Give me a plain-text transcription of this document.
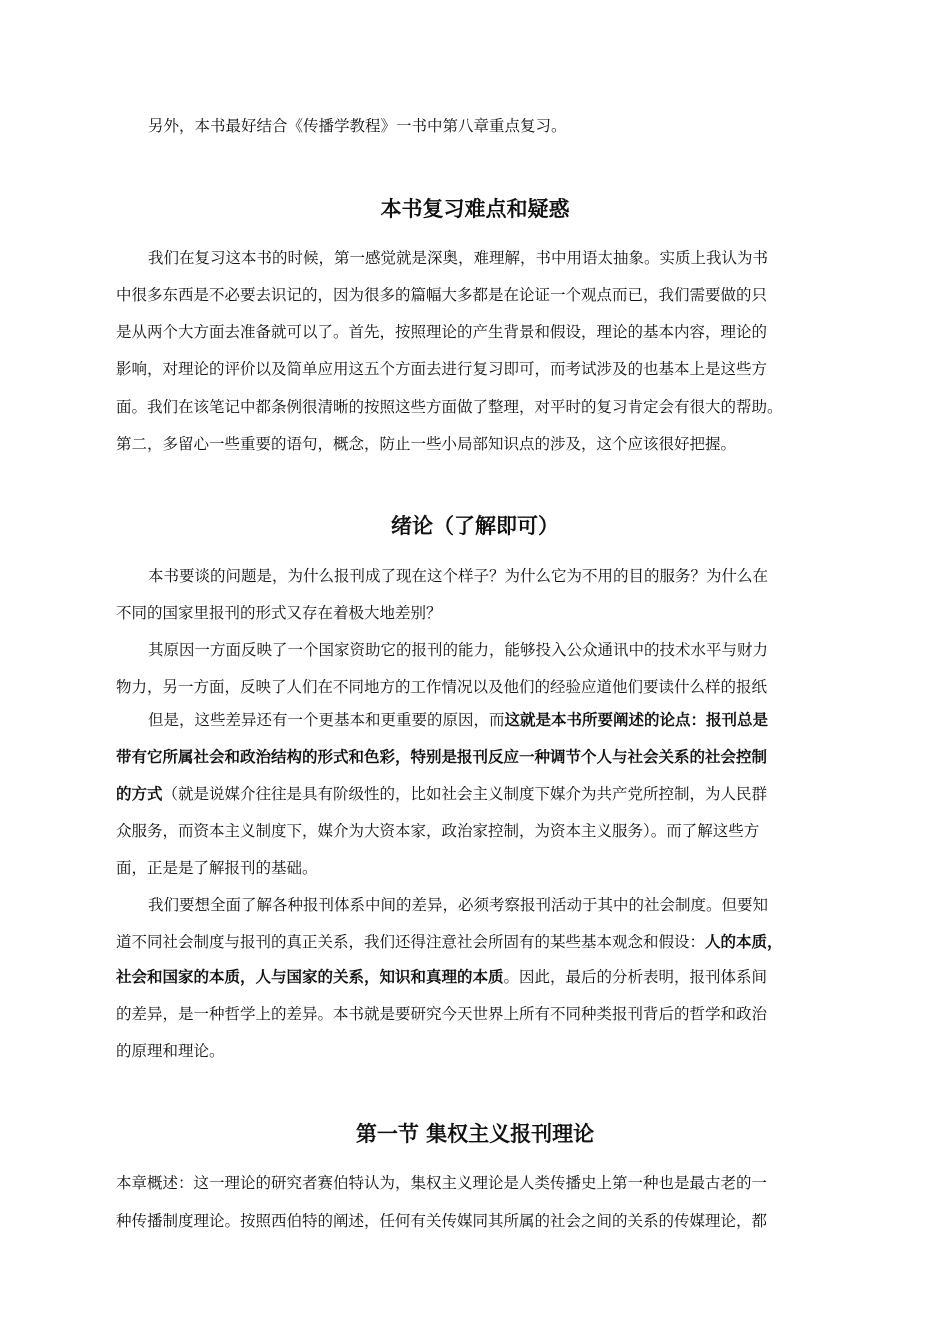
另外，本书最好结合《传播学教程》一书中第八章重点复习。
本书复习难点和疑惑
我们在复习这本书的时候，第一感觉就是深奥，难理解，书中用语太抽象。实质上我认为书
中很多东西是不必要去识记的，因为很多的篇幅大多都是在论证一个观点而已，我们需要做的只
是从两个大方面去准备就可以了。首先，按照理论的产生背景和假设，理论的基本内容，理论的
影响，对理论的评价以及简单应用这五个方面去进行复习即可，而考试涉及的也基本上是这些方
面。我们在该笔记中都条例很清晰的按照这些方面做了整理，对平时的复习肯定会有很大的帮助。
第二，多留心一些重要的语句，概念，防止一些小局部知识点的涉及，这个应该很好把握。
绪论（了解即可）
本书要谈的问题是，为什么报刊成了现在这个样子？为什么它为不用的目的服务？为什么在
不同的国家里报刊的形式又存在着极大地差别？
其原因一方面反映了一个国家资助它的报刊的能力，能够投入公众通讯中的技术水平与财力
物力，另一方面，反映了人们在不同地方的工作情况以及他们的经验应道他们要读什么样的报纸
但是，这些差异还有一个更基本和更重要的原因，而这就是本书所要阐述的论点：报刊总是
带有它所属社会和政治结构的形式和色彩，特别是报刊反应一种调节个人与社会关系的社会控制
的方式（就是说媒介往往是具有阶级性的，比如社会主义制度下媒介为共产党所控制，为人民群
众服务，而资本主义制度下，媒介为大资本家，政治家控制，为资本主义服务）。而了解这些方
面，正是是了解报刊的基础。
我们要想全面了解各种报刊体系中间的差异，必须考察报刊活动于其中的社会制度。但要知
道不同社会制度与报刊的真正关系，我们还得注意社会所固有的某些基本观念和假设：人的本质，
社会和国家的本质，人与国家的关系，知识和真理的本质。因此，最后的分析表明，报刊体系间
的差异，是一种哲学上的差异。本书就是要研究今天世界上所有不同种类报刊背后的哲学和政治
的原理和理论。
第一节 集权主义报刊理论
本章概述：这一理论的研究者赛伯特认为，集权主义理论是人类传播史上第一种也是最古老的一
种传播制度理论。按照西伯特的阐述，任何有关传媒同其所属的社会之间的关系的传媒理论，都
